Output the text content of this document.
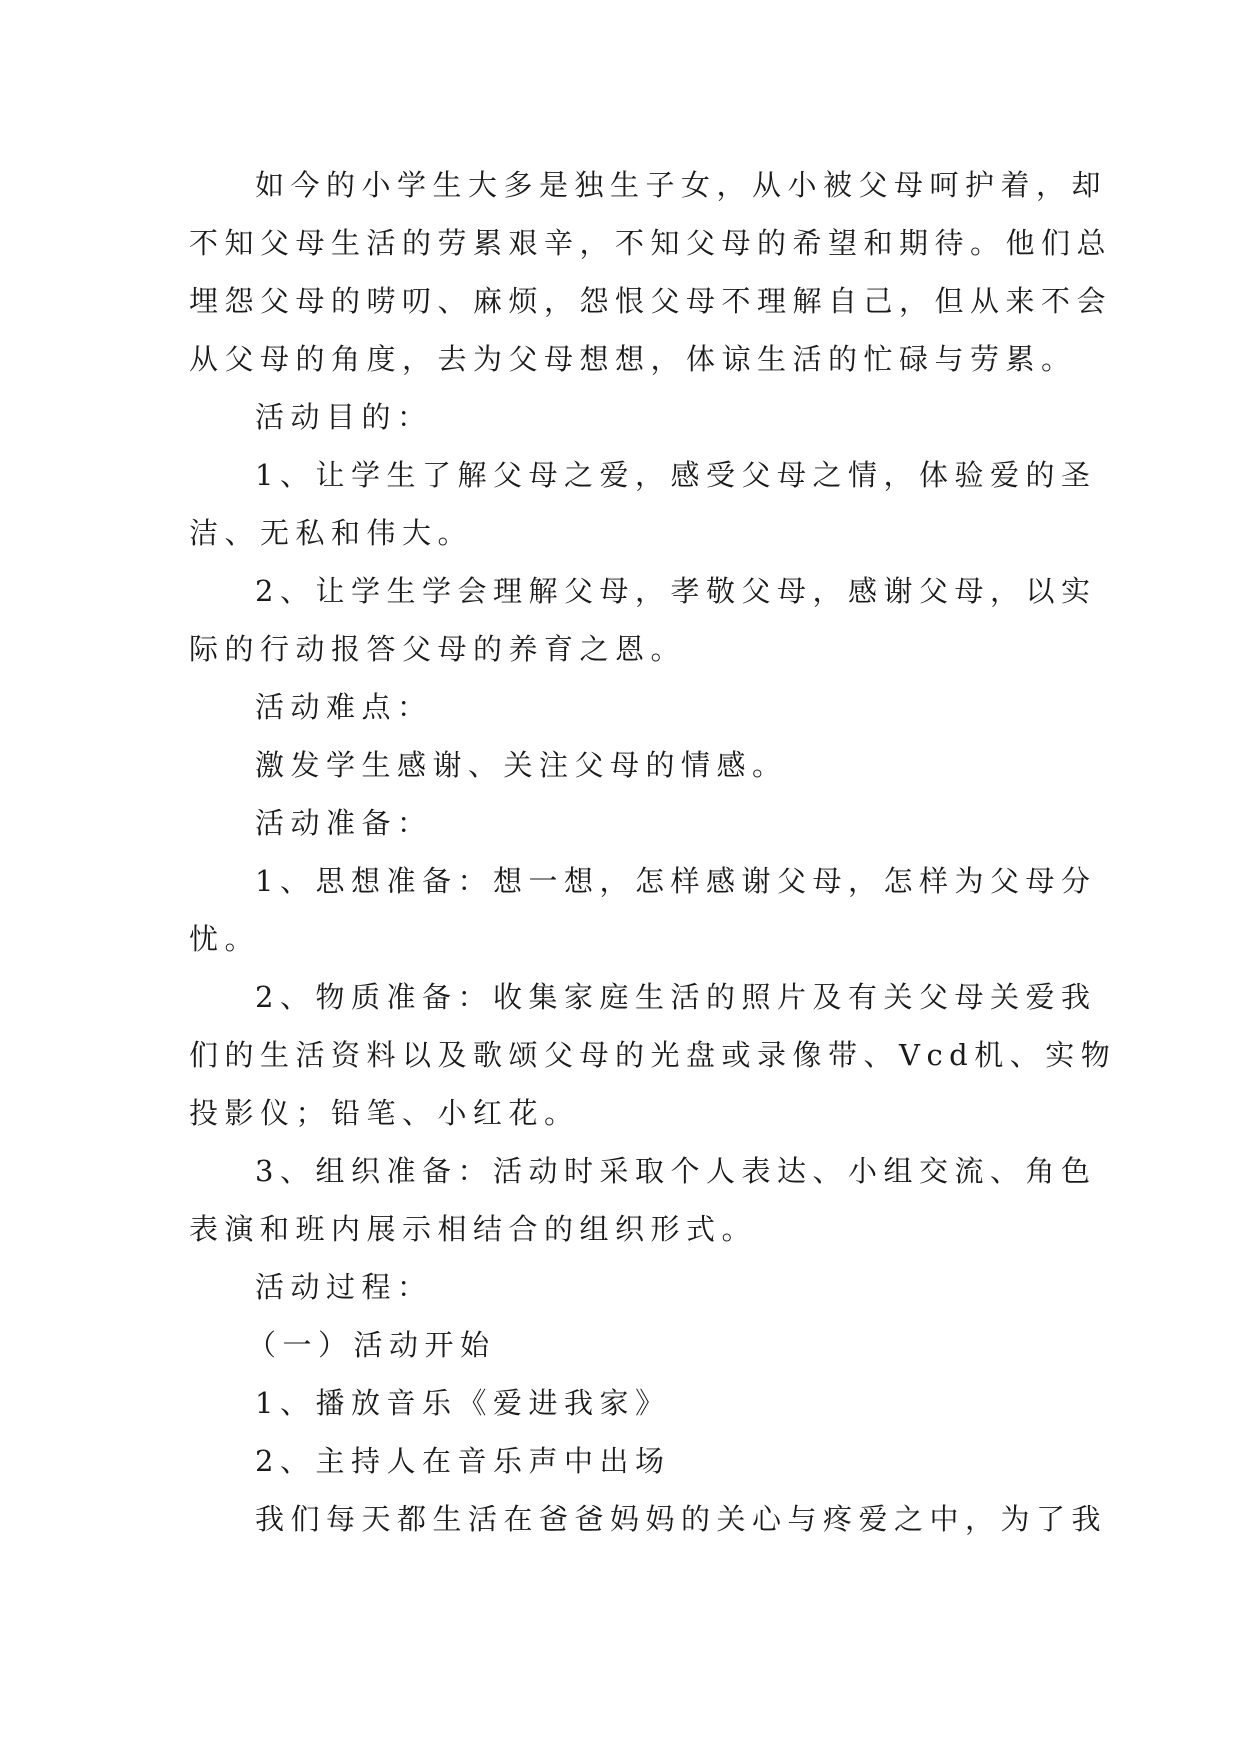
如今的小学生大多是独生子女，从小被父母呵护着，却
不知父母生活的劳累艰辛，不知父母的希望和期待。他们总
埋怨父母的唠叨、麻烦，怨恨父母不理解自己，但从来不会
从父母的角度，去为父母想想，体谅生活的忙碌与劳累。
活动目的：
1、让学生了解父母之爱，感受父母之情，体验爱的圣
洁、无私和伟大。
2、让学生学会理解父母，孝敬父母，感谢父母，以实
际的行动报答父母的养育之恩。
活动难点：
激发学生感谢、关注父母的情感。
活动准备：
1、思想准备：想一想，怎样感谢父母，怎样为父母分
忧。
2、物质准备：收集家庭生活的照片及有关父母关爱我
们的生活资料以及歌颂父母的光盘或录像带、Vcd机、实物
投影仪；铅笔、小红花。
3、组织准备：活动时采取个人表达、小组交流、角色
表演和班内展示相结合的组织形式。
活动过程：
（一）活动开始
1、播放音乐《爱进我家》
2、主持人在音乐声中出场
我们每天都生活在爸爸妈妈的关心与疼爱之中，为了我
